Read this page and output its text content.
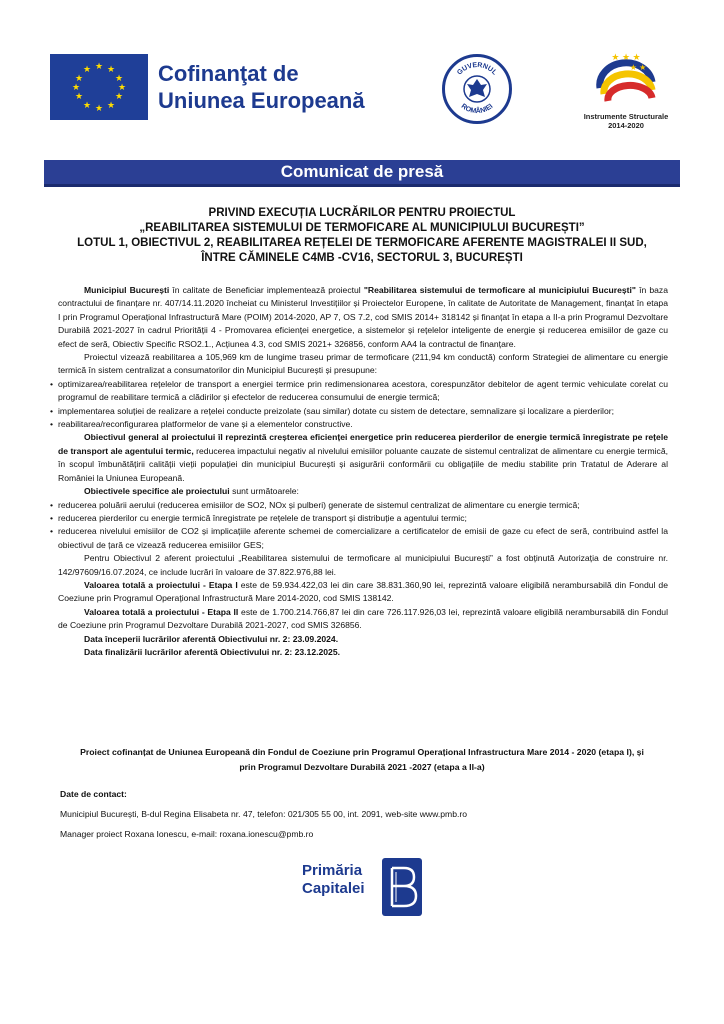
★ ★
★
★
★
★
★
★
★
★
★
★	Cofinanţat de
Uniunea Europeană
GUVERNUL
ROMÂNIEI
★ ★ ★
★ ★
Instrumente Structurale
2014-2020
Comunicat de presă
PRIVIND EXECUȚIA LUCRĂRILOR PENTRU PROIECTUL
„REABILITAREA SISTEMULUI DE TERMOFICARE AL MUNICIPIULUI BUCUREȘTI”
LOTUL 1, OBIECTIVUL 2, REABILITAREA REȚELEI DE TERMOFICARE AFERENTE MAGISTRALEI II SUD,
ÎNTRE CĂMINELE C4MB -CV16, SECTORUL 3, BUCUREȘTI

Municipiul București în calitate de Beneficiar implementează proiectul "Reabilitarea sistemului de termoficare al municipiului București" în baza contractului de finanțare nr. 407/14.11.2020 încheiat cu Ministerul Investițiilor și Proiectelor Europene, în calitate de Autoritate de Management, finanțat în etapa I prin Programul Operațional Infrastructură Mare (POIM) 2014-2020, AP 7, OS 7.2, cod SMIS 2014+ 318142 și finanțat în etapa a II-a prin Programul Dezvoltare Durabilă 2021-2027 în cadrul Priorității 4 - Promovarea eficienței energetice, a sistemelor și rețelelor inteligente de energie și reducerea emisiilor de gaze cu efect de seră, Obiectiv Specific RSO2.1., Acțiunea 4.3, cod SMIS 2021+ 326856, conform AA4 la contractul de finanțare.

Proiectul vizează reabilitarea a 105,969 km de lungime traseu primar de termoficare (211,94 km conductă) conform Strategiei de alimentare cu energie termică în sistem centralizat a consumatorilor din Municipiul București și presupune:

• optimizarea/reabilitarea rețelelor de transport a energiei termice prin redimensionarea acestora, corespunzător debitelor de agent termic vehiculate corelat cu programul de reabilitare termică a clădirilor și efectelor de reducerea consumului de energie termică;

• implementarea soluției de realizare a rețelei conducte preizolate (sau similar) dotate cu sistem de detectare, semnalizare și localizare a pierderilor;

• reabilitarea/reconfigurarea platformelor de vane și a elementelor constructive.

Obiectivul general al proiectului îl reprezintă creșterea eficienței energetice prin reducerea pierderilor de energie termică înregistrate pe rețele de transport ale agentului termic, reducerea impactului negativ al nivelului emisiilor poluante cauzate de sistemul centralizat de alimentare cu energie termică, în scopul îmbunătățirii calității vieții populației din municipiul București și asigurării conformării cu obligațiile de mediu stabilite prin Tratatul de Aderare al României la Uniunea Europeană.

Obiectivele specifice ale proiectului sunt următoarele:

• reducerea poluării aerului (reducerea emisiilor de SO2, NOx și pulberi) generate de sistemul centralizat de alimentare cu energie termică;

• reducerea pierderilor cu energie termică înregistrate pe rețelele de transport și distribuție a agentului termic;

• reducerea nivelului emisiilor de CO2 și implicațiile aferente schemei de comercializare a certificatelor de emisii de gaze cu efect de seră, contribuind astfel la obiectivul de țară ce vizează reducerea emisiilor GES;

Pentru Obiectivul 2 aferent proiectului „Reabilitarea sistemului de termoficare al municipiului București” a fost obținută Autorizația de construire nr. 142/97609/16.07.2024, ce include lucrări în valoare de 37.822.976,88 lei.

Valoarea totală a proiectului - Etapa I este de 59.934.422,03 lei din care 38.831.360,90 lei, reprezintă valoare eligibilă nerambursabilă din Fondul de Coeziune prin Programul Operațional Infrastructură Mare 2014-2020, cod SMIS 138142.

Valoarea totală a proiectului - Etapa II este de 1.700.214.766,87 lei din care 726.117.926,03 lei, reprezintă valoare eligibilă nerambursabilă din Fondul de Coeziune prin Programul Dezvoltare Durabilă 2021-2027, cod SMIS 326856.

Data începerii lucrărilor aferentă Obiectivului nr. 2: 23.09.2024.

Data finalizării lucrărilor aferentă Obiectivului nr. 2: 23.12.2025.

Proiect cofinanțat de Uniunea Europeană din Fondul de Coeziune prin Programul Operațional Infrastructura Mare 2014 - 2020 (etapa I), și
prin Programul Dezvoltare Durabilă 2021 -2027 (etapa a II-a)

Date de contact:

Municipiul București, B-dul Regina Elisabeta nr. 47, telefon: 021/305 55 00, int. 2091, web-site www.pmb.ro

Manager proiect Roxana Ionescu, e-mail: roxana.ionescu@pmb.ro

Primăria
Capitalei
